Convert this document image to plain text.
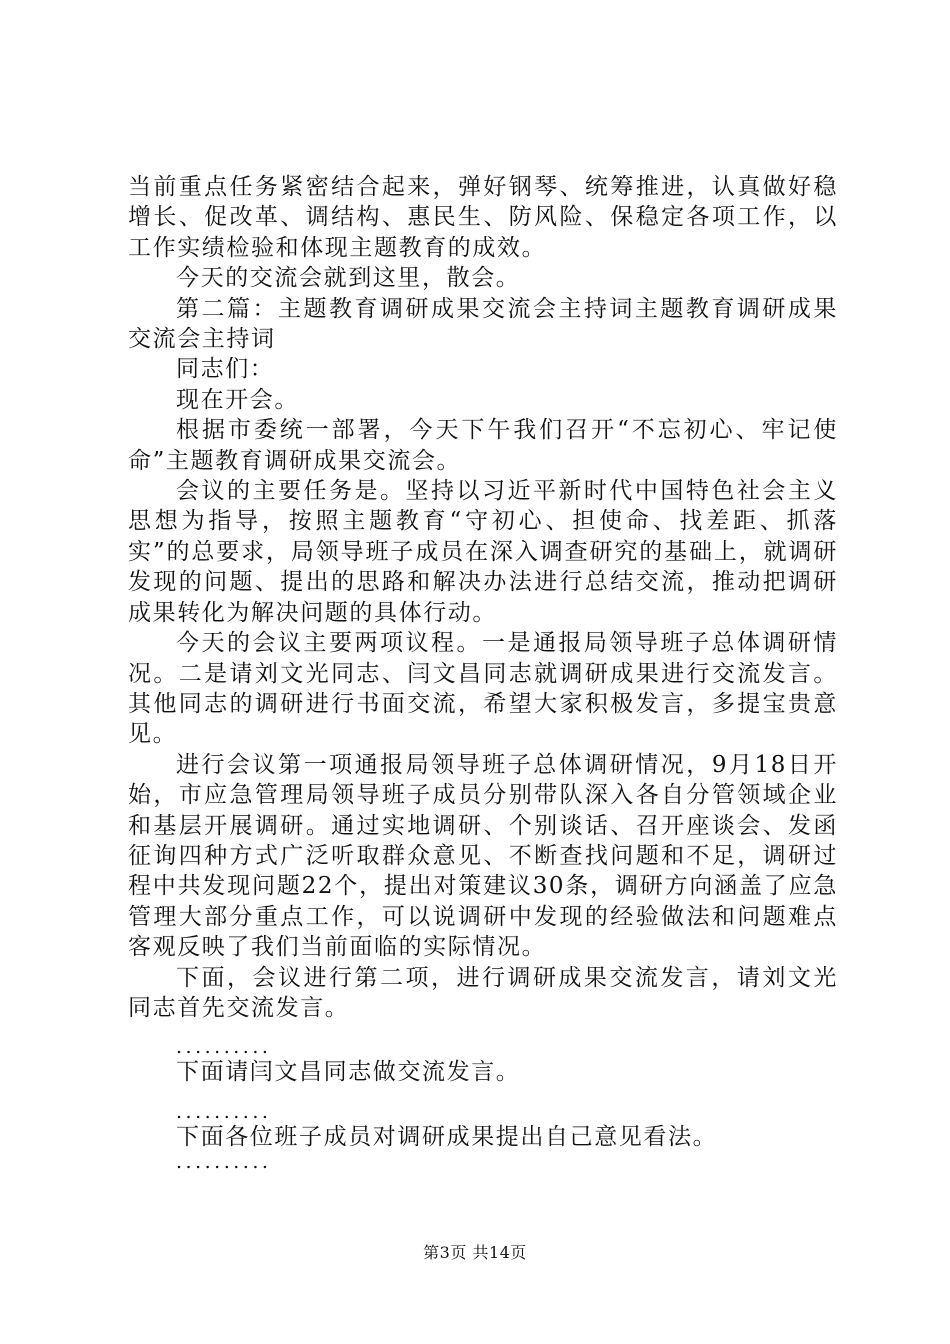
当前重点任务紧密结合起来，弹好钢琴、统筹推进，认真做好稳增长、促改革、调结构、惠民生、防风险、保稳定各项工作，以工作实绩检验和体现主题教育的成效。

今天的交流会就到这里，散会。

第二篇：主题教育调研成果交流会主持词主题教育调研成果交流会主持词

同志们：

现在开会。

根据市委统一部署，今天下午我们召开“不忘初心、牢记使命”主题教育调研成果交流会。

会议的主要任务是。坚持以习近平新时代中国特色社会主义思想为指导，按照主题教育“守初心、担使命、找差距、抓落实”的总要求，局领导班子成员在深入调查研究的基础上，就调研发现的问题、提出的思路和解决办法进行总结交流，推动把调研成果转化为解决问题的具体行动。

今天的会议主要两项议程。一是通报局领导班子总体调研情况。二是请刘文光同志、闫文昌同志就调研成果进行交流发言。其他同志的调研进行书面交流，希望大家积极发言，多提宝贵意见。

进行会议第一项通报局领导班子总体调研情况，9月18日开始，市应急管理局领导班子成员分别带队深入各自分管领域企业和基层开展调研。通过实地调研、个别谈话、召开座谈会、发函征询四种方式广泛听取群众意见、不断查找问题和不足，调研过程中共发现问题22个，提出对策建议30条，调研方向涵盖了应急管理大部分重点工作，可以说调研中发现的经验做法和问题难点客观反映了我们当前面临的实际情况。

下面，会议进行第二项，进行调研成果交流发言，请刘文光同志首先交流发言。

..........

下面请闫文昌同志做交流发言。

..........

下面各位班子成员对调研成果提出自己意见看法。

..........

第3页 共14页
